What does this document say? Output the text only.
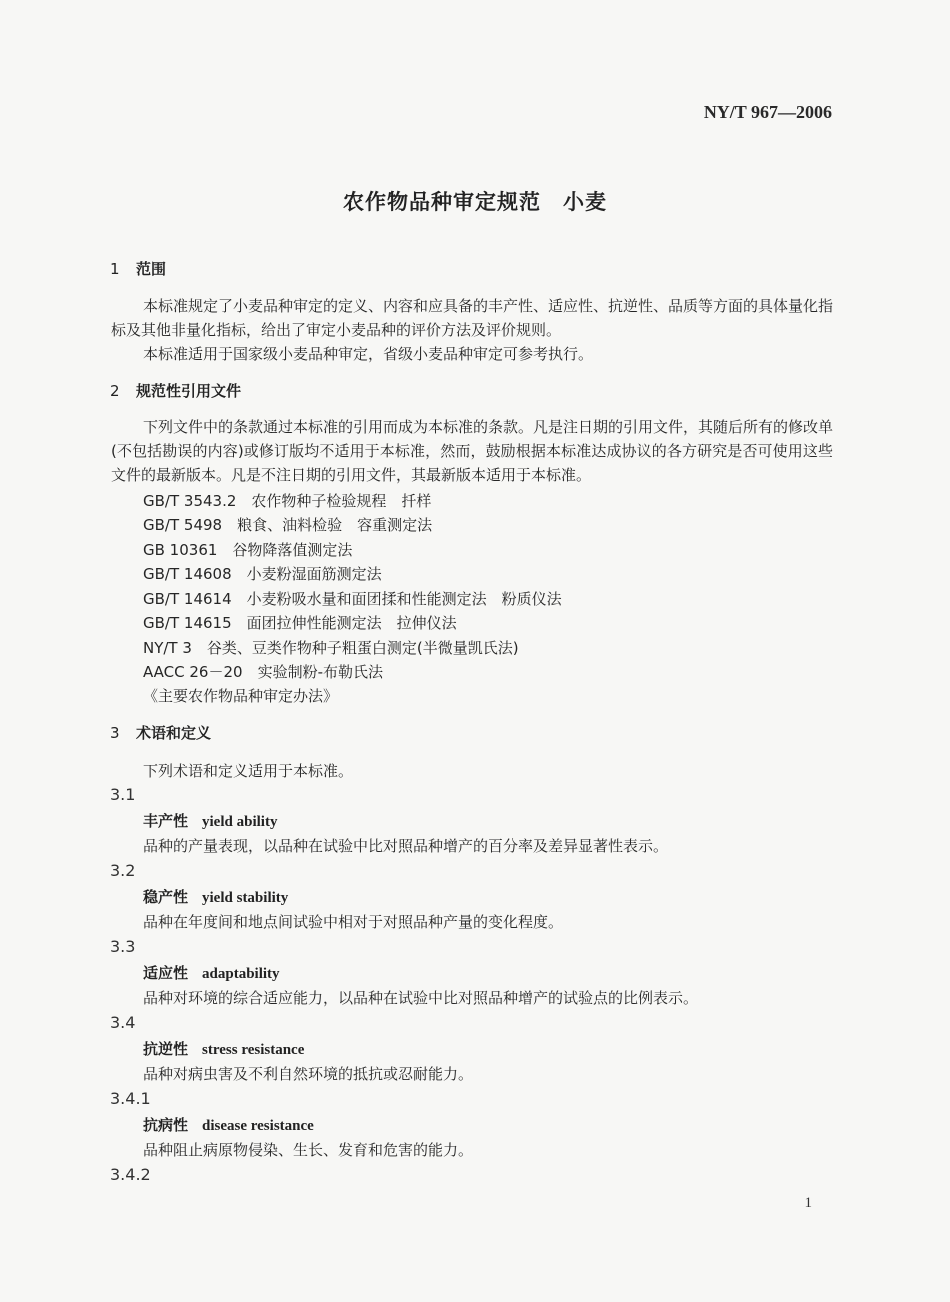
NY/T 967—2006
农作物品种审定规范　小麦
1 范围
本标准规定了小麦品种审定的定义、内容和应具备的丰产性、适应性、抗逆性、品质等方面的具体量化指标及其他非量化指标，给出了审定小麦品种的评价方法及评价规则。
本标准适用于国家级小麦品种审定，省级小麦品种审定可参考执行。
2 规范性引用文件
下列文件中的条款通过本标准的引用而成为本标准的条款。凡是注日期的引用文件，其随后所有的修改单(不包括勘误的内容)或修订版均不适用于本标准，然而，鼓励根据本标准达成协议的各方研究是否可使用这些文件的最新版本。凡是不注日期的引用文件，其最新版本适用于本标准。
GB/T 3543.2　农作物种子检验规程　扦样
GB/T 5498　粮食、油料检验　容重测定法
GB 10361　谷物降落值测定法
GB/T 14608　小麦粉湿面筋测定法
GB/T 14614　小麦粉吸水量和面团揉和性能测定法　粉质仪法
GB/T 14615　面团拉伸性能测定法　拉伸仪法
NY/T 3　谷类、豆类作物种子粗蛋白测定(半微量凯氏法)
AACC 26－20　实验制粉-布勒氏法
《主要农作物品种审定办法》
3 术语和定义
下列术语和定义适用于本标准。
3.1
丰产性 yield ability
品种的产量表现，以品种在试验中比对照品种增产的百分率及差异显著性表示。
3.2
稳产性 yield stability
品种在年度间和地点间试验中相对于对照品种产量的变化程度。
3.3
适应性 adaptability
品种对环境的综合适应能力，以品种在试验中比对照品种增产的试验点的比例表示。
3.4
抗逆性 stress resistance
品种对病虫害及不利自然环境的抵抗或忍耐能力。
3.4.1
抗病性 disease resistance
品种阻止病原物侵染、生长、发育和危害的能力。
3.4.2
1
